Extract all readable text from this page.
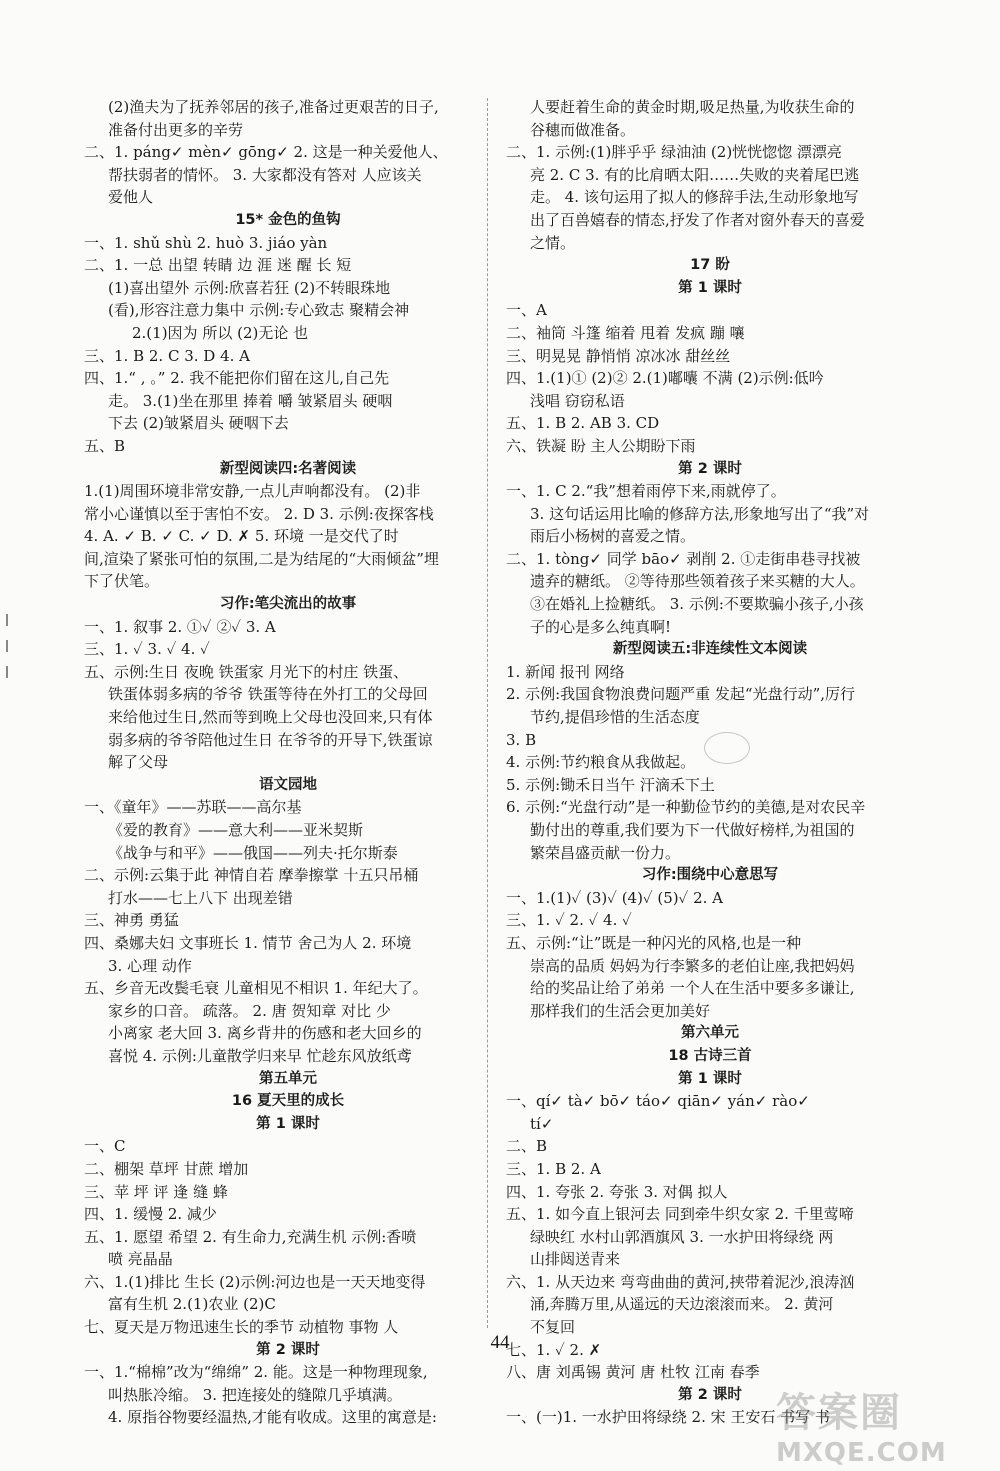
(2)渔夫为了抚养邻居的孩子,准备过更艰苦的日子,
准备付出更多的辛劳
二、1. páng✓ mèn✓ gōng✓ 2. 这是一种关爱他人、
帮扶弱者的情怀。 3. 大家都没有答对 人应该关
爱他人
15* 金色的鱼钩
一、1. shǔ shù 2. huò 3. jiáo yàn
二、1. 一总 出望 转睛 边 涯 迷 醒 长 短
(1)喜出望外 示例:欣喜若狂 (2)不转眼珠地
(看),形容注意力集中 示例:专心致志 聚精会神
2.(1)因为 所以 (2)无论 也
三、1. B 2. C 3. D 4. A
四、1.“ , 。” 2. 我不能把你们留在这儿,自己先
走。 3.(1)坐在那里 捧着 嚼 皱紧眉头 硬咽
下去 (2)皱紧眉头 硬咽下去
五、B
新型阅读四:名著阅读
1.(1)周围环境非常安静,一点儿声响都没有。 (2)非
常小心谨慎以至于害怕不安。 2. D 3. 示例:夜探客栈
4. A. ✓ B. ✓ C. ✓ D. ✗ 5. 环境 一是交代了时
间,渲染了紧张可怕的氛围,二是为结尾的“大雨倾盆”埋
下了伏笔。
习作:笔尖流出的故事
一、1. 叙事 2. ①✓ ②✓ 3. A
三、1. ✓ 3. ✓ 4. ✓
五、示例:生日 夜晚 铁蛋家 月光下的村庄 铁蛋、
铁蛋体弱多病的爷爷 铁蛋等待在外打工的父母回
来给他过生日,然而等到晚上父母也没回来,只有体
弱多病的爷爷陪他过生日 在爷爷的开导下,铁蛋谅
解了父母
语文园地
一、《童年》——苏联——高尔基
《爱的教育》——意大利——亚米契斯
《战争与和平》——俄国——列夫·托尔斯泰
二、示例:云集于此 神情自若 摩拳擦掌 十五只吊桶
打水——七上八下 出现差错
三、神勇 勇猛
四、桑娜夫妇 文事班长 1. 情节 舍己为人 2. 环境
3. 心理 动作
五、乡音无改鬓毛衰 儿童相见不相识 1. 年纪大了。
家乡的口音。 疏落。 2. 唐 贺知章 对比 少
小离家 老大回 3. 离乡背井的伤感和老大回乡的
喜悦 4. 示例:儿童散学归来早 忙趁东风放纸鸢
第五单元
16 夏天里的成长
第 1 课时
一、C
二、棚架 草坪 甘蔗 增加
三、苹 坪 评 逢 缝 蜂
四、1. 缓慢 2. 减少
五、1. 愿望 希望 2. 有生命力,充满生机 示例:香喷
喷 亮晶晶
六、1.(1)排比 生长 (2)示例:河边也是一天天地变得
富有生机 2.(1)农业 (2)C
七、夏天是万物迅速生长的季节 动植物 事物 人
第 2 课时
一、1.“棉棉”改为“绵绵” 2. 能。这是一种物理现象,
叫热胀冷缩。 3. 把连接处的缝隙几乎填满。
4. 原指谷物要经温热,才能有收成。这里的寓意是:
人要赶着生命的黄金时期,吸足热量,为收获生命的
谷穗而做准备。
二、1. 示例:(1)胖乎乎 绿油油 (2)恍恍惚惚 漂漂亮
亮 2. C 3. 有的比肩晒太阳……失败的夹着尾巴逃
走。 4. 该句运用了拟人的修辞手法,生动形象地写
出了百兽嬉春的情态,抒发了作者对窗外春天的喜爱
之情。
17 盼
第 1 课时
一、A
二、袖筒 斗篷 缩着 甩着 发疯 蹦 嚷
三、明晃晃 静悄悄 凉冰冰 甜丝丝
四、1.(1)① (2)② 2.(1)嘟囔 不满 (2)示例:低吟
浅唱 窃窃私语
五、1. B 2. AB 3. CD
六、铁凝 盼 主人公期盼下雨
第 2 课时
一、1. C 2.“我”想着雨停下来,雨就停了。
3. 这句话运用比喻的修辞方法,形象地写出了“我”对
雨后小杨树的喜爱之情。
二、1. tòng✓ 同学 bāo✓ 剥削 2. ①走街串巷寻找被
遗弃的糖纸。 ②等待那些领着孩子来买糖的大人。
③在婚礼上捡糖纸。 3. 示例:不要欺骗小孩子,小孩
子的心是多么纯真啊!
新型阅读五:非连续性文本阅读
1. 新闻 报刊 网络
2. 示例:我国食物浪费问题严重 发起“光盘行动”,厉行
节约,提倡珍惜的生活态度
3. B
4. 示例:节约粮食从我做起。
5. 示例:锄禾日当午 汗滴禾下土
6. 示例:“光盘行动”是一种勤俭节约的美德,是对农民辛
勤付出的尊重,我们要为下一代做好榜样,为祖国的
繁荣昌盛贡献一份力。
习作:围绕中心意思写
一、1.(1)✓ (3)✓ (4)✓ (5)✓ 2. A
三、1. ✓ 2. ✓ 4. ✓
五、示例:“让”既是一种闪光的风格,也是一种
崇高的品质 妈妈为行李繁多的老伯让座,我把妈妈
给的奖品让给了弟弟 一个人在生活中要多多谦让,
那样我们的生活会更加美好
第六单元
18 古诗三首
第 1 课时
一、qí✓ tà✓ bō✓ táo✓ qiān✓ yán✓ rào✓
tí✓
二、B
三、1. B 2. A
四、1. 夸张 2. 夸张 3. 对偶 拟人
五、1. 如今直上银河去 同到牵牛织女家 2. 千里莺啼
绿映红 水村山郭酒旗风 3. 一水护田将绿绕 两
山排闼送青来
六、1. 从天边来 弯弯曲曲的黄河,挟带着泥沙,浪涛汹
涌,奔腾万里,从遥远的天边滚滚而来。 2. 黄河
不复回
七、1. ✓ 2. ✗
八、唐 刘禹锡 黄河 唐 杜牧 江南 春季
第 2 课时
一、(一)1. 一水护田将绿绕 2. 宋 王安石 书写 书
44
答案圈
MXQE.COM
